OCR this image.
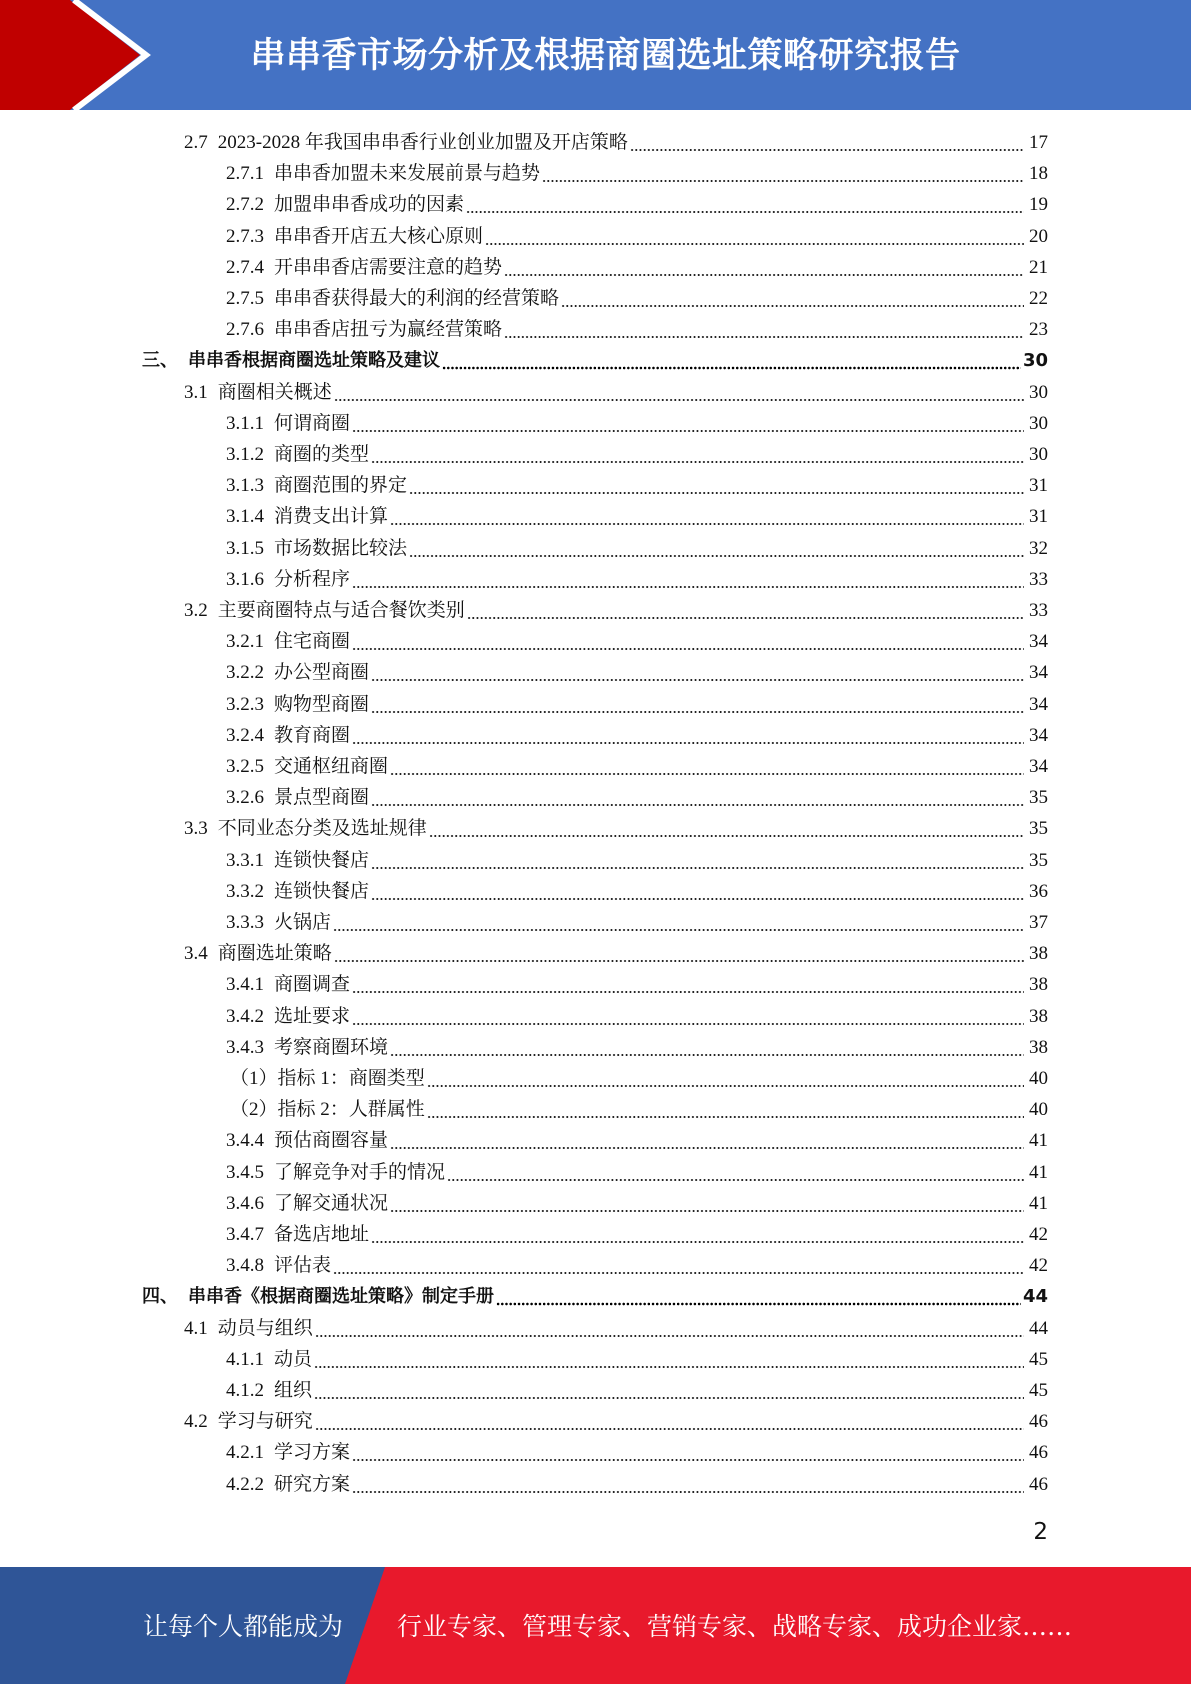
串串香市场分析及根据商圈选址策略研究报告
2.7 2023-2028 年我国串串香行业创业加盟及开店策略	17
2.7.1 串串香加盟未来发展前景与趋势	18
2.7.2 加盟串串香成功的因素	19
2.7.3 串串香开店五大核心原则	20
2.7.4 开串串香店需要注意的趋势	21
2.7.5 串串香获得最大的利润的经营策略	22
2.7.6 串串香店扭亏为赢经营策略	23
三、 串串香根据商圈选址策略及建议	30
3.1 商圈相关概述	30
3.1.1 何谓商圈	30
3.1.2 商圈的类型	30
3.1.3 商圈范围的界定	31
3.1.4 消费支出计算	31
3.1.5 市场数据比较法	32
3.1.6 分析程序	33
3.2 主要商圈特点与适合餐饮类别	33
3.2.1 住宅商圈	34
3.2.2 办公型商圈	34
3.2.3 购物型商圈	34
3.2.4 教育商圈	34
3.2.5 交通枢纽商圈	34
3.2.6 景点型商圈	35
3.3 不同业态分类及选址规律	35
3.3.1 连锁快餐店	35
3.3.2 连锁快餐店	36
3.3.3 火锅店	37
3.4 商圈选址策略	38
3.4.1 商圈调查	38
3.4.2 选址要求	38
3.4.3 考察商圈环境	38
（1） 指标 1：商圈类型	40
（2） 指标 2：人群属性	40
3.4.4 预估商圈容量	41
3.4.5 了解竞争对手的情况	41
3.4.6 了解交通状况	41
3.4.7 备选店地址	42
3.4.8 评估表	42
四、 串串香《根据商圈选址策略》制定手册	44
4.1 动员与组织	44
4.1.1 动员	45
4.1.2 组织	45
4.2 学习与研究	46
4.2.1 学习方案	46
4.2.2 研究方案	46
2
让每个人都能成为 行业专家、管理专家、营销专家、战略专家、成功企业家……
